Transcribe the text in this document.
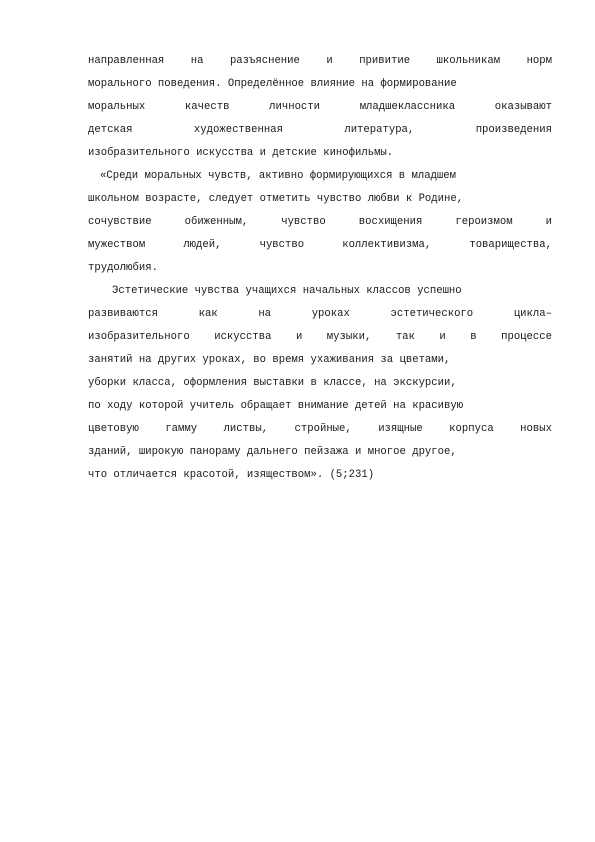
направленная на разъяснение и привитие школьникам норм
морального поведения. Определённое влияние на формирование
моральных	качеств	личности	младшеклассника	оказывают
детская	художественная	литература,	произведения
изобразительного искусства и детские кинофильмы.
«Среди моральных чувств, активно формирующихся в младшем
школьном возрасте, следует отметить чувство любви к Родине,
сочувствие	обиженным,	чувство	восхищения	героизмом	и
мужеством	людей,	чувство	коллективизма,	товарищества,
трудолюбия.
Эстетические чувства учащихся начальных классов успешно
развиваются	как	на	уроках	эстетического	цикла–
изобразительного искусства и музыки, так и в процессе
занятий на других уроках, во время ухаживания за цветами,
уборки класса, оформления выставки в классе, на экскурсии,
по ходу которой учитель обращает внимание детей на красивую
цветовую гамму листвы, стройные, изящные корпуса новых
зданий, широкую панораму дальнего пейзажа и многое другое,
что отличается красотой, изяществом». (5;231)
